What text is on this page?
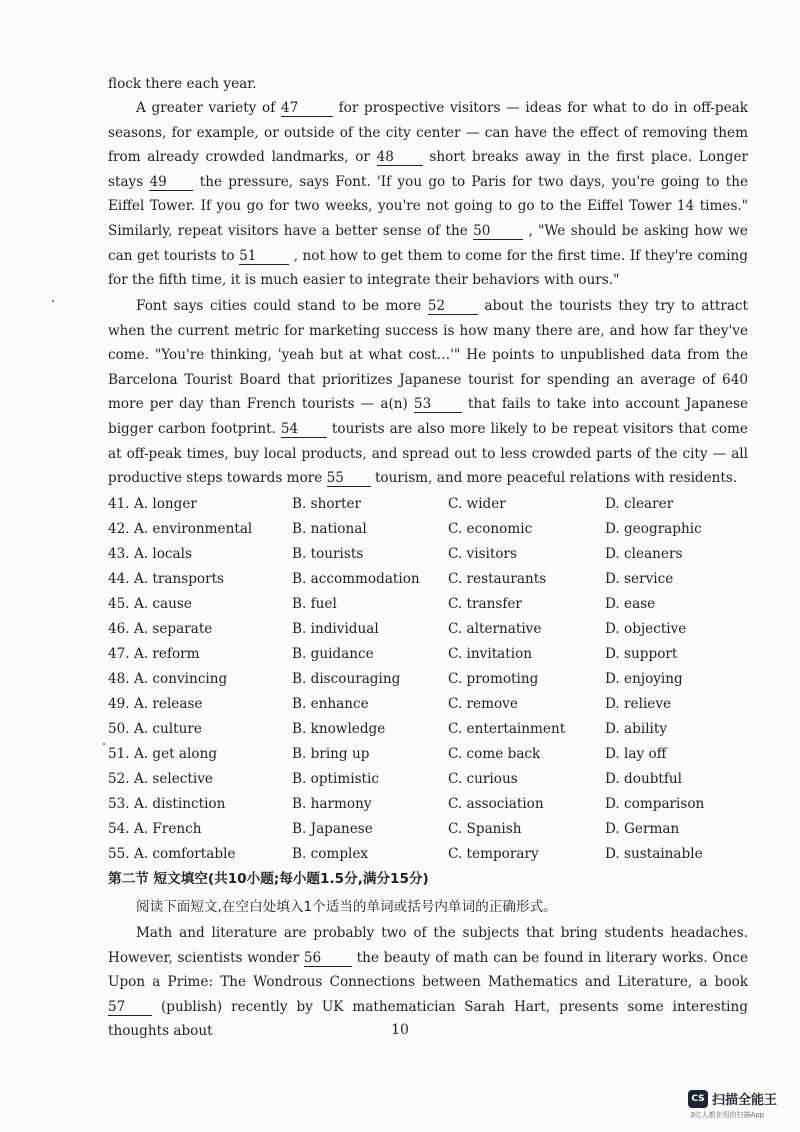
flock there each year.
A greater variety of 47	for prospective visitors — ideas for what to do in off-peak seasons, for example, or outside of the city center — can have the effect of removing them from already crowded landmarks, or 48	short breaks away in the first place. Longer stays 49 the pressure, says Font. 'If you go to Paris for two days, you're going to the Eiffel Tower. If you go for two weeks, you're not going to go to the Eiffel Tower 14 times." Similarly, repeat visitors have a better sense of the 50	, "We should be asking how we can get tourists to 51	, not how to get them to come for the first time. If they're coming for the fifth time, it is much easier to integrate their behaviors with ours."
Font says cities could stand to be more 52	about the tourists they try to attract when the current metric for marketing success is how many there are, and how far they've come. "You're thinking, 'yeah but at what cost…'" He points to unpublished data from the Barcelona Tourist Board that prioritizes Japanese tourist for spending an average of 640 more per day than French tourists — a(n) 53	that fails to take into account Japanese bigger carbon footprint. 54 tourists are also more likely to be repeat visitors that come at off-peak times, buy local products, and spread out to less crowded parts of the city — all productive steps towards more 55 tourism, and more peaceful relations with residents.
41. A. longer	B. shorter	C. wider	D. clearer
42. A. environmental	B. national	C. economic	D. geographic
43. A. locals	B. tourists	C. visitors	D. cleaners
44. A. transports	B. accommodation C. restaurants	D. service
45. A. cause	B. fuel	C. transfer	D. ease
46. A. separate	B. individual	C. alternative	D. objective
47. A. reform	B. guidance	C. invitation	D. support
48. A. convincing	B. discouraging	C. promoting	D. enjoying
49. A. release	B. enhance	C. remove	D. relieve
50. A. culture	B. knowledge	C. entertainment	D. ability
51. A. get along	B. bring up	C. come back	D. lay off
52. A. selective	B. optimistic	C. curious	D. doubtful
53. A. distinction	B. harmony	C. association	D. comparison
54. A. French	B. Japanese	C. Spanish	D. German
55. A. comfortable	B. complex	C. temporary	D. sustainable
第二节 短文填空(共10小题;每小题1.5分,满分15分)
阅读下面短文,在空白处填入1个适当的单词或括号内单词的正确形式。
Math and literature are probably two of the subjects that bring students headaches. However, scientists wonder 56	the beauty of math can be found in literary works. Once Upon a Prime: The Wondrous Connections between Mathematics and Literature, a book 57	(publish) recently by UK mathematician Sarah Hart, presents some interesting thoughts about	10
CS 扫描全能王
3亿人都在用的扫描App
